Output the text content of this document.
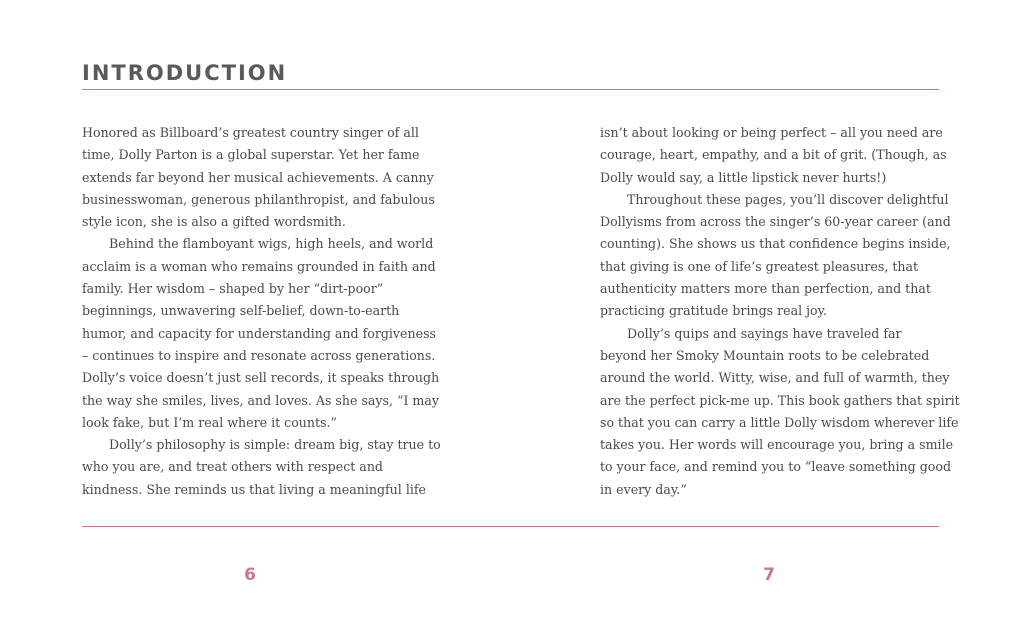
INTRODUCTION

Honored as Billboard’s greatest country singer of all

time, Dolly Parton is a global superstar. Yet her fame

extends far beyond her musical achievements. A canny

businesswoman, generous philanthropist, and fabulous

style icon, she is also a gifted wordsmith.

Behind the flamboyant wigs, high heels, and world

acclaim is a woman who remains grounded in faith and

family. Her wisdom – shaped by her “dirt-poor”

beginnings, unwavering self-belief, down-to-earth

humor, and capacity for understanding and forgiveness

– continues to inspire and resonate across generations.

Dolly’s voice doesn’t just sell records, it speaks through

the way she smiles, lives, and loves. As she says, “I may

look fake, but I’m real where it counts.”

Dolly’s philosophy is simple: dream big, stay true to

who you are, and treat others with respect and

kindness. She reminds us that living a meaningful life

isn’t about looking or being perfect – all you need are

courage, heart, empathy, and a bit of grit. (Though, as

Dolly would say, a little lipstick never hurts!)

Throughout these pages, you’ll discover delightful

Dollyisms from across the singer’s 60-year career (and

counting). She shows us that confidence begins inside,

that giving is one of life’s greatest pleasures, that

authenticity matters more than perfection, and that

practicing gratitude brings real joy.

Dolly’s quips and sayings have traveled far

beyond her Smoky Mountain roots to be celebrated

around the world. Witty, wise, and full of warmth, they

are the perfect pick-me up. This book gathers that spirit

so that you can carry a little Dolly wisdom wherever life

takes you. Her words will encourage you, bring a smile

to your face, and remind you to “leave something good

in every day.”

6	7
